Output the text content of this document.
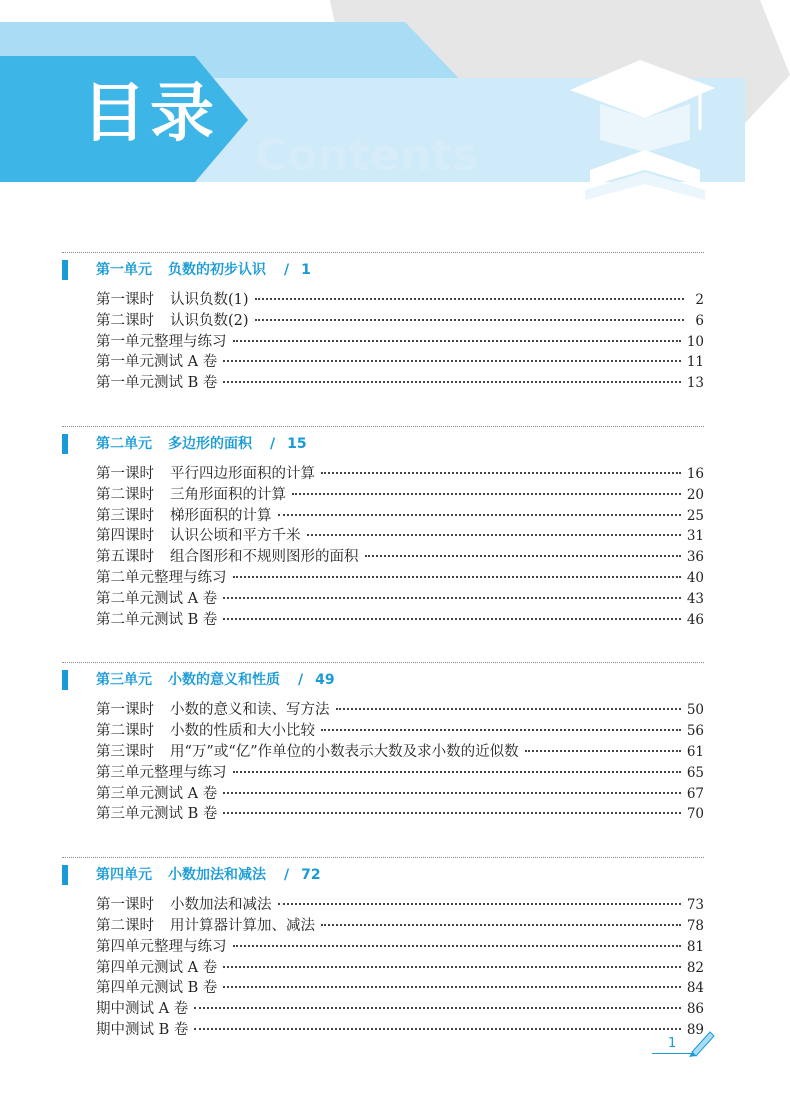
目录
Contents
第一单元 负数的初步认识 / 1
第一课时 认识负数(1)	2
第二课时 认识负数(2)	6
第一单元整理与练习	10
第一单元测试 A 卷	11
第一单元测试 B 卷	13
第二单元 多边形的面积 / 15
第一课时 平行四边形面积的计算	16
第二课时 三角形面积的计算	20
第三课时 梯形面积的计算	25
第四课时 认识公顷和平方千米	31
第五课时 组合图形和不规则图形的面积	36
第二单元整理与练习	40
第二单元测试 A 卷	43
第二单元测试 B 卷	46
第三单元 小数的意义和性质 / 49
第一课时 小数的意义和读、写方法	50
第二课时 小数的性质和大小比较	56
第三课时 用“万”或“亿”作单位的小数表示大数及求小数的近似数	61
第三单元整理与练习	65
第三单元测试 A 卷	67
第三单元测试 B 卷	70
第四单元 小数加法和减法 / 72
第一课时 小数加法和减法	73
第二课时 用计算器计算加、减法	78
第四单元整理与练习	81
第四单元测试 A 卷	82
第四单元测试 B 卷	84
期中测试 A 卷	86
期中测试 B 卷	89
1
